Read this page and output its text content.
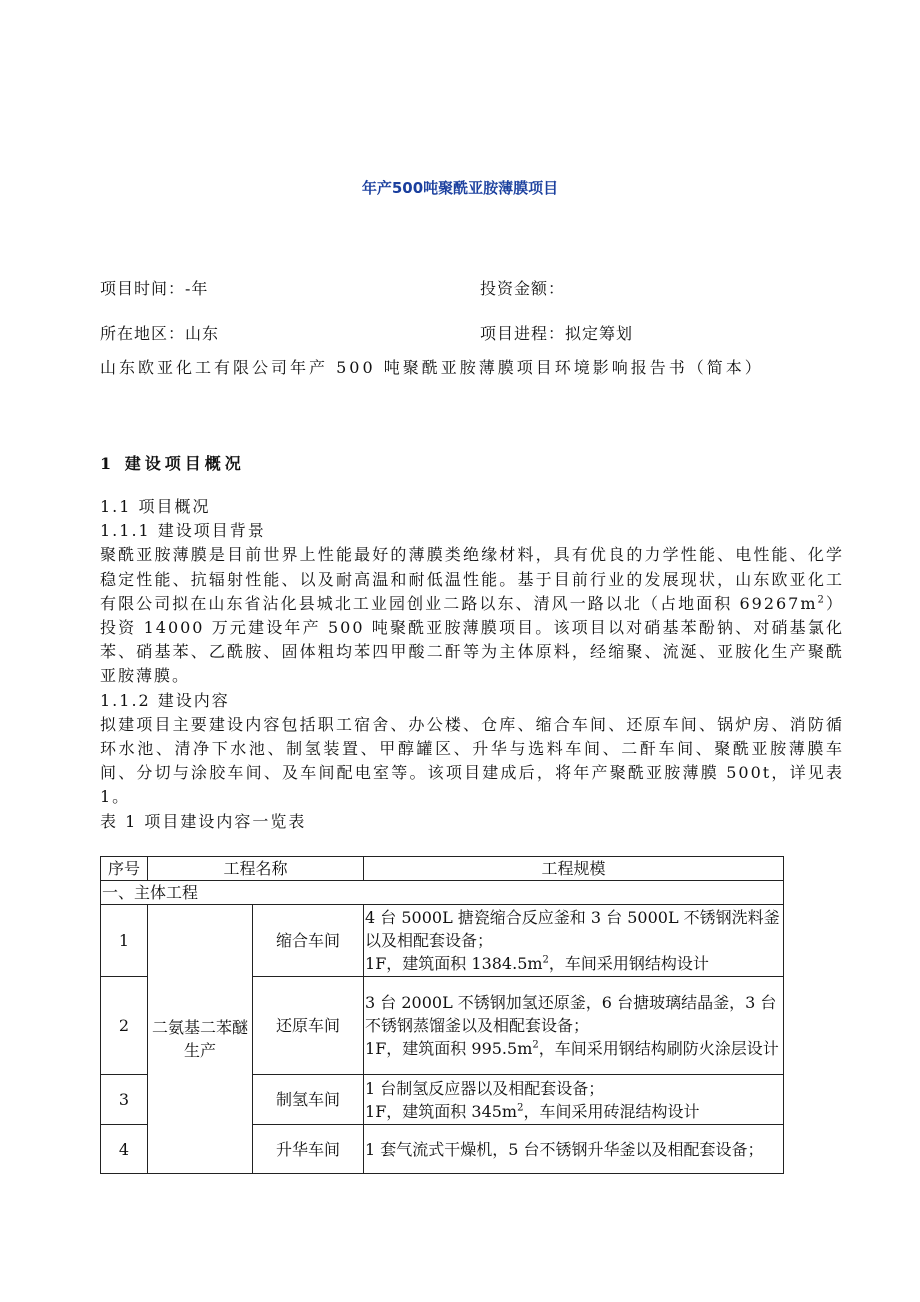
年产500吨聚酰亚胺薄膜项目
项目时间：-年	投资金额：
所在地区：山东	项目进程：拟定筹划
山东欧亚化工有限公司年产 500 吨聚酰亚胺薄膜项目环境影响报告书（简本）
1 建设项目概况

1.1 项目概况

1.1.1 建设项目背景

聚酰亚胺薄膜是目前世界上性能最好的薄膜类绝缘材料，具有优良的力学性能、电性能、化学稳定性能、抗辐射性能、以及耐高温和耐低温性能。基于目前行业的发展现状，山东欧亚化工有限公司拟在山东省沾化县城北工业园创业二路以东、清风一路以北（占地面积 $69267m^2$）投资 14000 万元建设年产 500 吨聚酰亚胺薄膜项目。该项目以对硝基苯酚钠、对硝基氯化苯、硝基苯、乙酰胺、固体粗均苯四甲酸二酐等为主体原料，经缩聚、流涎、亚胺化生产聚酰亚胺薄膜。

1.1.2 建设内容

拟建项目主要建设内容包括职工宿舍、办公楼、仓库、缩合车间、还原车间、锅炉房、消防循环水池、清净下水池、制氢装置、甲醇罐区、升华与选料车间、二酐车间、聚酰亚胺薄膜车间、分切与涂胶车间、及车间配电室等。该项目建成后，将年产聚酰亚胺薄膜 500t，详见表 1。

表 1 项目建设内容一览表

序号	工程名称		工程规模
一、主体工程			
1	二氨基二苯醚生产	缩合车间	4 台 5000L 搪瓷缩合反应釜和 3 台 5000L 不锈钢洗料釜以及相配套设备；
1F，建筑面积 $1384.5m^2$，车间采用钢结构设计

2		还原车间	3 台 2000L 不锈钢加氢还原釜，6 台搪玻璃结晶釜，3 台不锈钢蒸馏釜以及相配套设备；
1F，建筑面积 $995.5m^2$，车间采用钢结构刷防火涂层设计

3		制氢车间	1 台制氢反应器以及相配套设备；
1F，建筑面积 $345m^2$，车间采用砖混结构设计

4		升华车间	1 套气流式干燥机，5 台不锈钢升华釜以及相配套设备；
